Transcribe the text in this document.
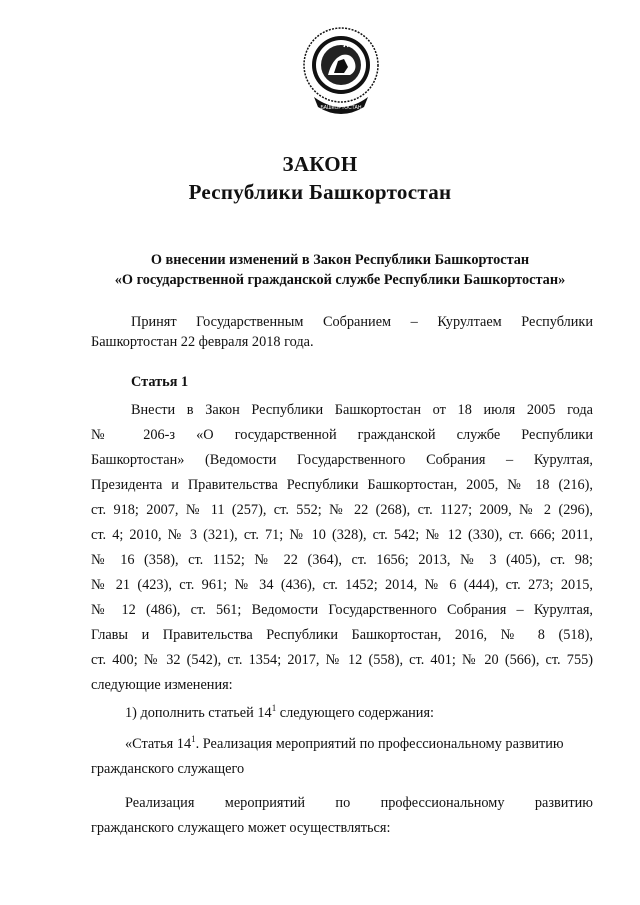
БАШКОРТОСТАН
ЗАКОН
Республики Башкортостан
О внесении изменений в Закон Республики Башкортостан
«О государственной гражданской службе Республики Башкортостан»
Принят Государственным Собранием – Курултаем Республики
Башкортостан 22 февраля 2018 года.
Статья 1
Внести в Закон Республики Башкортостан от 18 июля 2005 года
№ 206-з «О государственной гражданской службе Республики
Башкортостан» (Ведомости Государственного Собрания – Курултая,
Президента и Правительства Республики Башкортостан, 2005, № 18 (216),
ст. 918; 2007, № 11 (257), ст. 552; № 22 (268), ст. 1127; 2009, № 2 (296),
ст. 4; 2010, № 3 (321), ст. 71; № 10 (328), ст. 542; № 12 (330), ст. 666; 2011,
№ 16 (358), ст. 1152; № 22 (364), ст. 1656; 2013, № 3 (405), ст. 98;
№ 21 (423), ст. 961; № 34 (436), ст. 1452; 2014, № 6 (444), ст. 273; 2015,
№ 12 (486), ст. 561; Ведомости Государственного Собрания – Курултая,
Главы и Правительства Республики Башкортостан, 2016, № 8 (518),
ст. 400; № 32 (542), ст. 1354; 2017, № 12 (558), ст. 401; № 20 (566), ст. 755)
следующие изменения:
1) дополнить статьей $14^1$ следующего содержания:
«Статья $14^1$. Реализация мероприятий по профессиональному развитию
гражданского служащего
Реализация мероприятий по профессиональному развитию
гражданского служащего может осуществляться:
